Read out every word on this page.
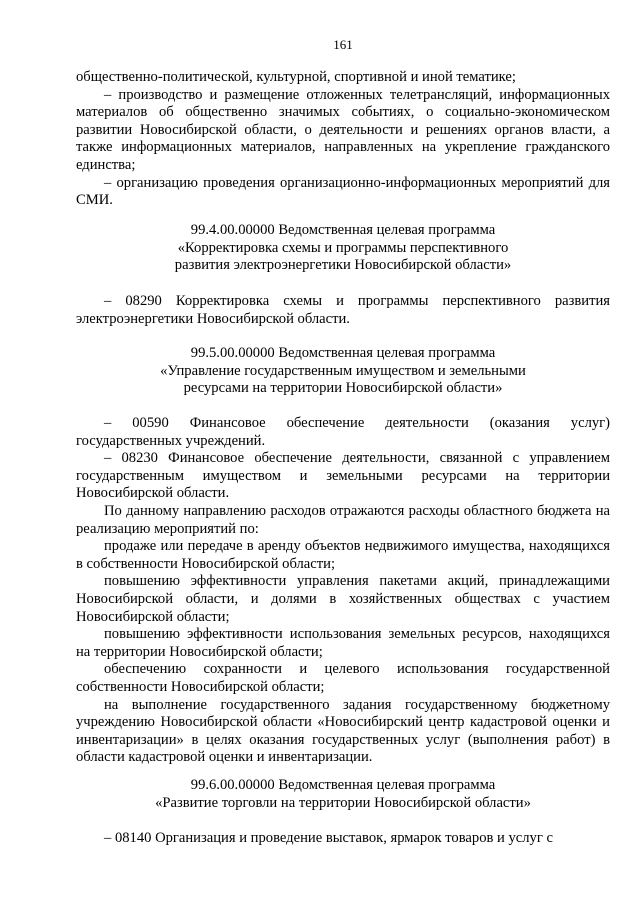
161

общественно-политической, культурной, спортивной и иной тематике;

– производство и размещение отложенных телетрансляций, информационных материалов об общественно значимых событиях, о социально-экономическом развитии Новосибирской области, о деятельности и решениях органов власти, а также информационных материалов, направленных на укрепление гражданского единства;

– организацию проведения организационно-информационных мероприятий для СМИ.

99.4.00.00000 Ведомственная целевая программа
«Корректировка схемы и программы перспективного
развития электроэнергетики Новосибирской области»

– 08290 Корректировка схемы и программы перспективного развития электроэнергетики Новосибирской области.

99.5.00.00000 Ведомственная целевая программа
«Управление государственным имуществом и земельными
ресурсами на территории Новосибирской области»

– 00590 Финансовое обеспечение деятельности (оказания услуг) государственных учреждений.

– 08230 Финансовое обеспечение деятельности, связанной с управлением государственным имуществом и земельными ресурсами на территории Новосибирской области.

По данному направлению расходов отражаются расходы областного бюджета на реализацию мероприятий по:

продаже или передаче в аренду объектов недвижимого имущества, находящихся в собственности Новосибирской области;

повышению эффективности управления пакетами акций, принадлежащими Новосибирской области, и долями в хозяйственных обществах с участием Новосибирской области;

повышению эффективности использования земельных ресурсов, находящихся на территории Новосибирской области;

обеспечению сохранности и целевого использования государственной собственности Новосибирской области;

на выполнение государственного задания государственному бюджетному учреждению Новосибирской области «Новосибирский центр кадастровой оценки и инвентаризации» в целях оказания государственных услуг (выполнения работ) в области кадастровой оценки и инвентаризации.

99.6.00.00000 Ведомственная целевая программа
«Развитие торговли на территории Новосибирской области»

– 08140 Организация и проведение выставок, ярмарок товаров и услуг с
